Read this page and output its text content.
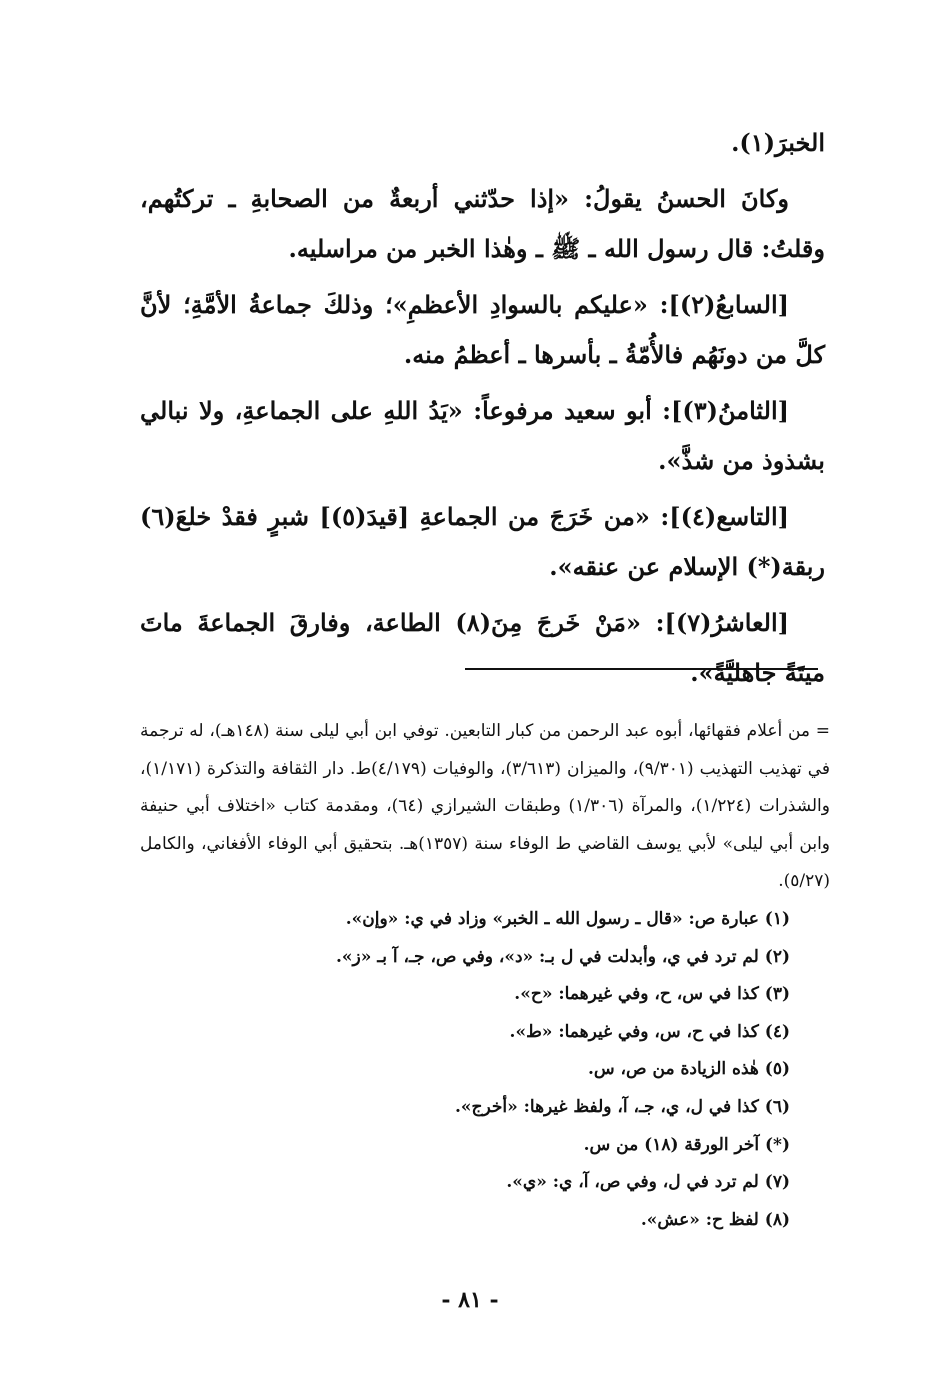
الخبرَ(١).

وكانَ الحسنُ يقولُ: «إذا حدّثني أربعةٌ من الصحابةِ ـ تركتُهم، وقلتُ: قال رسول الله ـ ﷺ ـ وهٰذا الخبر من مراسليه.

[السابعُ(٢)]: «عليكم بالسوادِ الأعظمِ»؛ وذلكَ جماعةُ الأمَّةِ؛ لأنَّ كلَّ من دونَهُم فالأُمّةُ ـ بأسرها ـ أعظمُ منه.

[الثامنُ(٣)]: أبو سعيد مرفوعاً: «يَدُ اللهِ على الجماعةِ، ولا نبالي بشذوذ من شذَّ».

[التاسع(٤)]: «من خَرَجَ من الجماعةِ [قيدَ(٥)] شبرٍ فقدْ خلعَ(٦) ربقة(*) الإسلام عن عنقه».

[العاشرُ(٧)]: «مَنْ خَرجَ مِنَ(٨) الطاعة، وفارقَ الجماعةَ ماتَ ميتَةً جاهليَّةً».

= من أعلام فقهائها، أبوه عبد الرحمن من كبار التابعين. توفي ابن أبي ليلى سنة (١٤٨هـ)، له ترجمة في تهذيب التهذيب (٩/٣٠١)، والميزان (٣/٦١٣)، والوفيات (٤/١٧٩)ط. دار الثقافة والتذكرة (١/١٧١)، والشذرات (١/٢٢٤)، والمرآة (١/٣٠٦) وطبقات الشيرازي (٦٤)، ومقدمة كتاب «اختلاف أبي حنيفة وابن أبي ليلى» لأبي يوسف القاضي ط الوفاء سنة (١٣٥٧)هـ. بتحقيق أبي الوفاء الأفغاني، والكامل (٥/٢٧).

(١) عبارة ص: «قال ـ رسول الله ـ الخبر» وزاد في ي: «وإن».

(٢) لم ترد في ي، وأبدلت في ل بـ: «د»، وفي ص، جـ، آ بـ «ز».

(٣) كذا في س، ح، وفي غيرهما: «ح».

(٤) كذا في ح، س، وفي غيرهما: «ط».

(٥) هٰذه الزيادة من ص، س.

(٦) كذا في ل، ي، جـ، آ، ولفظ غيرها: «أخرج».

(*) آخر الورقة (١٨) من س.

(٧) لم ترد في ل، وفي ص، آ، ي: «ي».

(٨) لفظ ح: «عش».

- ٨١ -
